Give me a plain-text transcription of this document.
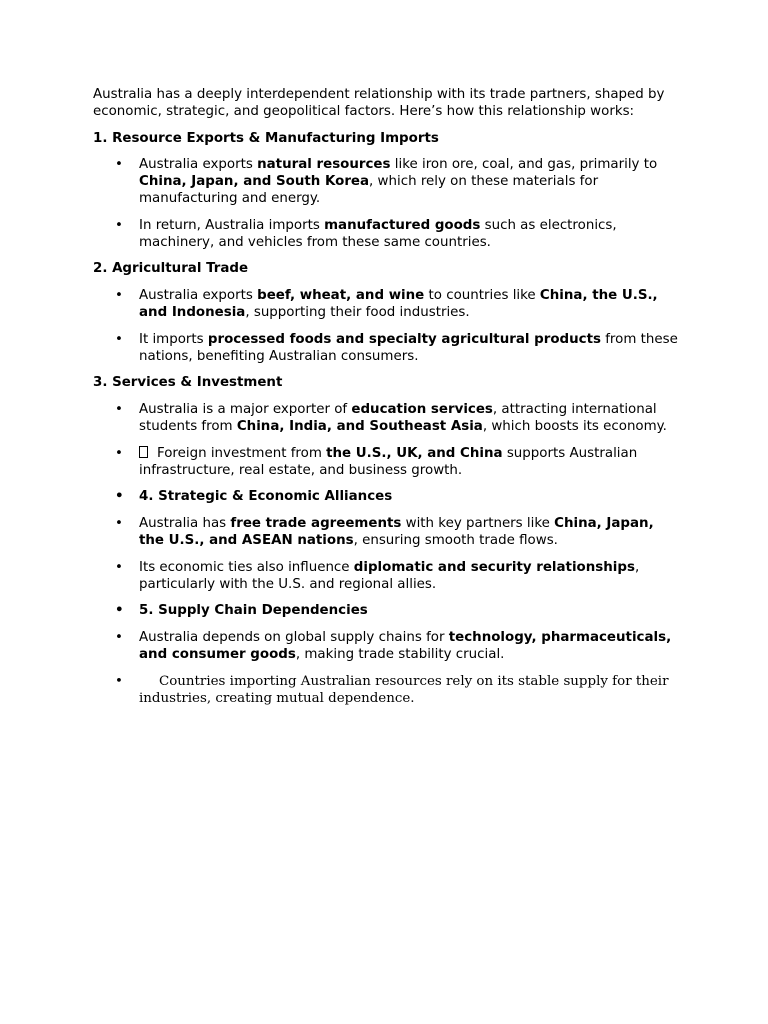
Australia has a deeply interdependent relationship with its trade partners, shaped by economic, strategic, and geopolitical factors. Here’s how this relationship works:

1. Resource Exports & Manufacturing Imports
• Australia exports natural resources like iron ore, coal, and gas, primarily to China, Japan, and South Korea, which rely on these materials for manufacturing and energy.
• In return, Australia imports manufactured goods such as electronics, machinery, and vehicles from these same countries.
2. Agricultural Trade
• Australia exports beef, wheat, and wine to countries like China, the U.S., and Indonesia, supporting their food industries.
• It imports processed foods and specialty agricultural products from these nations, benefiting Australian consumers.
3. Services & Investment
• Australia is a major exporter of education services, attracting international students from China, India, and Southeast Asia, which boosts its economy.
•	Foreign investment from the U.S., UK, and China supports Australian infrastructure, real estate, and business growth.
• 4. Strategic & Economic Alliances
• Australia has free trade agreements with key partners like China, Japan, the U.S., and ASEAN nations, ensuring smooth trade flows.
• Its economic ties also influence diplomatic and security relationships, particularly with the U.S. and regional allies.
• 5. Supply Chain Dependencies
• Australia depends on global supply chains for technology, pharmaceuticals, and consumer goods, making trade stability crucial.
•	Countries importing Australian resources rely on its stable supply for their industries, creating mutual dependence.
